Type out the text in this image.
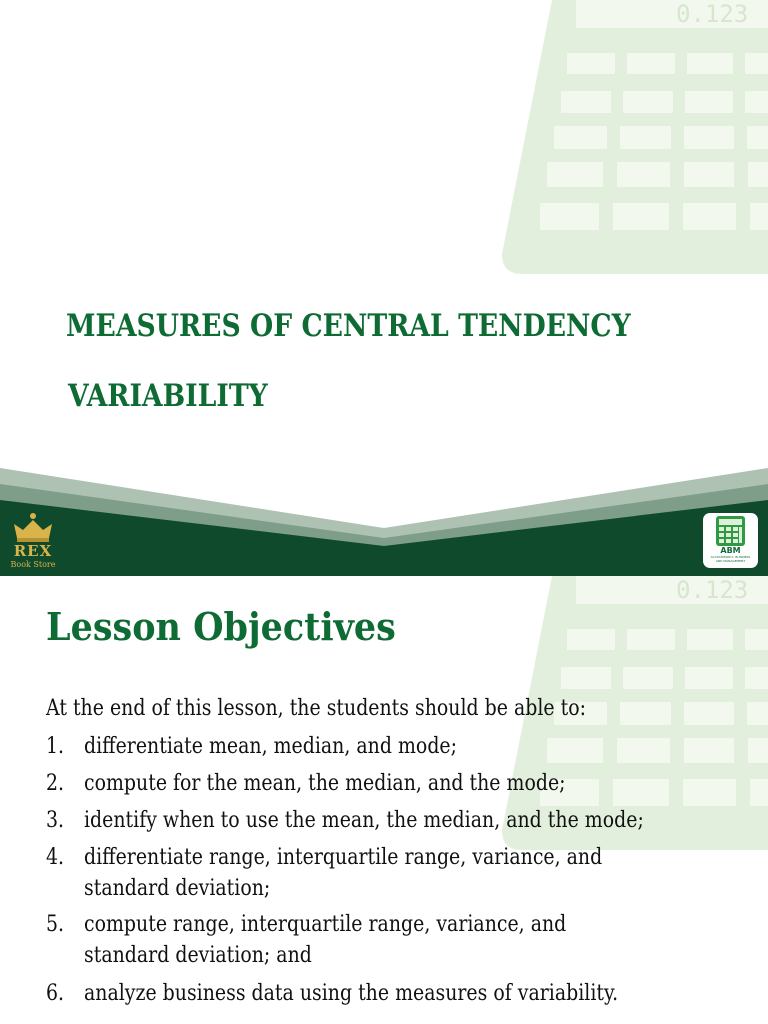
0.123
MEASURES OF CENTRAL TENDENCY
VARIABILITY
REX
Book Store
ABM
ACCOUNTANCY, BUSINESS AND MANAGEMENT
0.123
Lesson Objectives
At the end of this lesson, the students should be able to:
1. differentiate mean, median, and mode;
2. compute for the mean, the median, and the mode;
3. identify when to use the mean, the median, and the mode;
4. differentiate range, interquartile range, variance, and
standard deviation;
5. compute range, interquartile range, variance, and
standard deviation; and
6. analyze business data using the measures of variability.
